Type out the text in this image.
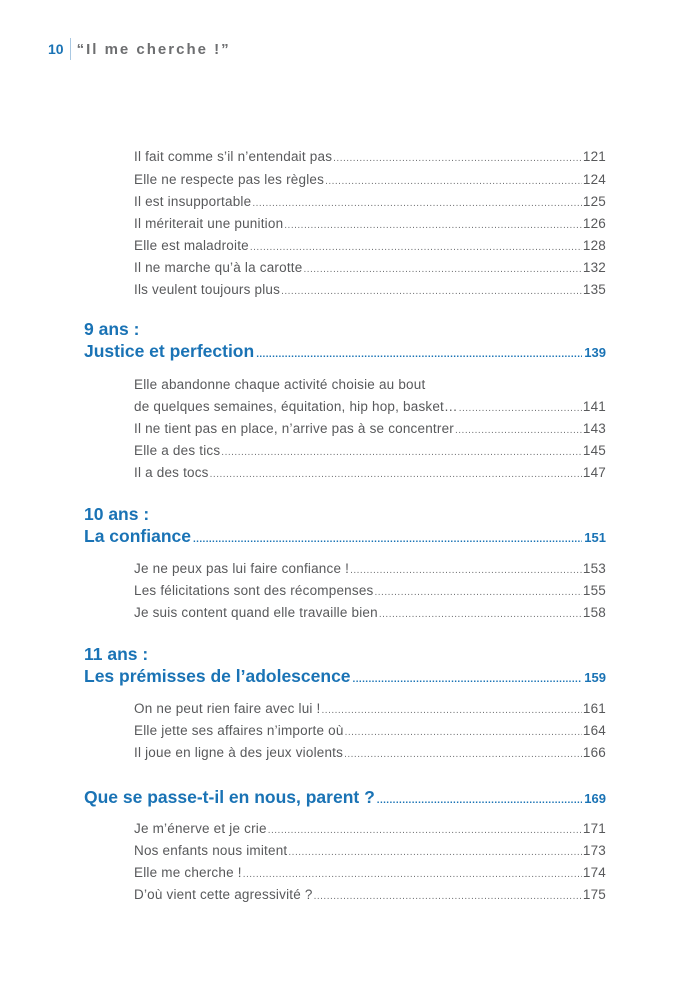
10 “Il me cherche !”
Il fait comme s’il n’entendait pas .....	121
Elle ne respecte pas les règles .....	124
Il est insupportable .....	125
Il mériterait une punition .....	126
Elle est maladroite .....	128
Il ne marche qu’à la carotte .....	132
Ils veulent toujours plus .....	135
9 ans :
Justice et perfection .....	139
Elle abandonne chaque activité choisie au bout
de quelques semaines, équitation, hip hop, basket… .....	141
Il ne tient pas en place, n’arrive pas à se concentrer .....	143
Elle a des tics .....	145
Il a des tocs .....	147
10 ans :
La confiance .....	151
Je ne peux pas lui faire confiance ! .....	153
Les félicitations sont des récompenses .....	155
Je suis content quand elle travaille bien .....	158
11 ans :
Les prémisses de l’adolescence .....	159
On ne peut rien faire avec lui ! .....	161
Elle jette ses affaires n’importe où .....	164
Il joue en ligne à des jeux violents .....	166
Que se passe-t-il en nous, parent ? .....	169
Je m’énerve et je crie .....	171
Nos enfants nous imitent .....	173
Elle me cherche ! .....	174
D’où vient cette agressivité ? .....	175
